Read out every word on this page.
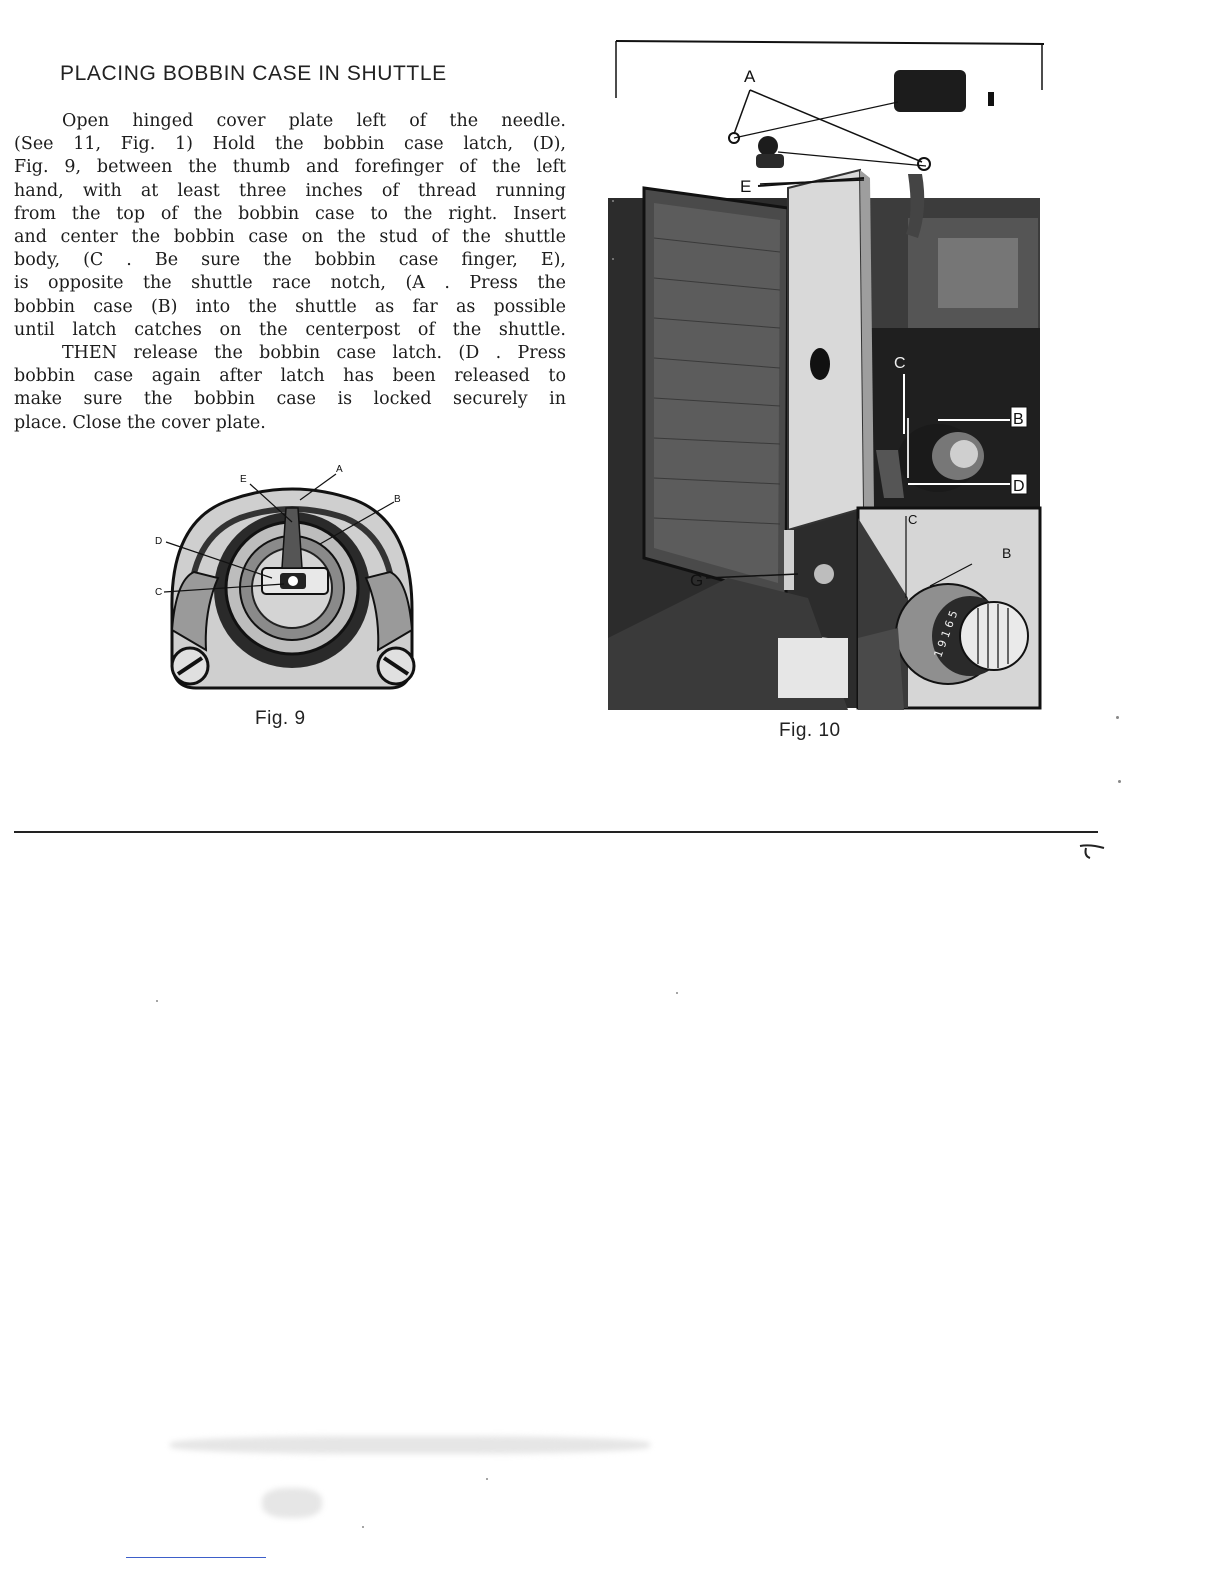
PLACING BOBBIN CASE IN SHUTTLE
Open hinged cover plate left of the needle.
(See 11, Fig. 1) Hold the bobbin case latch, (D),
Fig. 9, between the thumb and forefinger of the left
hand, with at least three inches of thread running
from the top of the bobbin case to the right. Insert
and center the bobbin case on the stud of the shuttle
body, (C . Be sure the bobbin case finger, E),
is opposite the shuttle race notch, (A . Press the
bobbin case (B) into the shuttle as far as possible
until latch catches on the centerpost of the shuttle.
THEN release the bobbin case latch. (D . Press
bobbin case again after latch has been released to
make sure the bobbin case is locked securely in
place. Close the cover plate.
E
A
B
D
C
Fig. 9
1 9 1 6 5
A
E
C
B
D
C
B
G
Fig. 10
